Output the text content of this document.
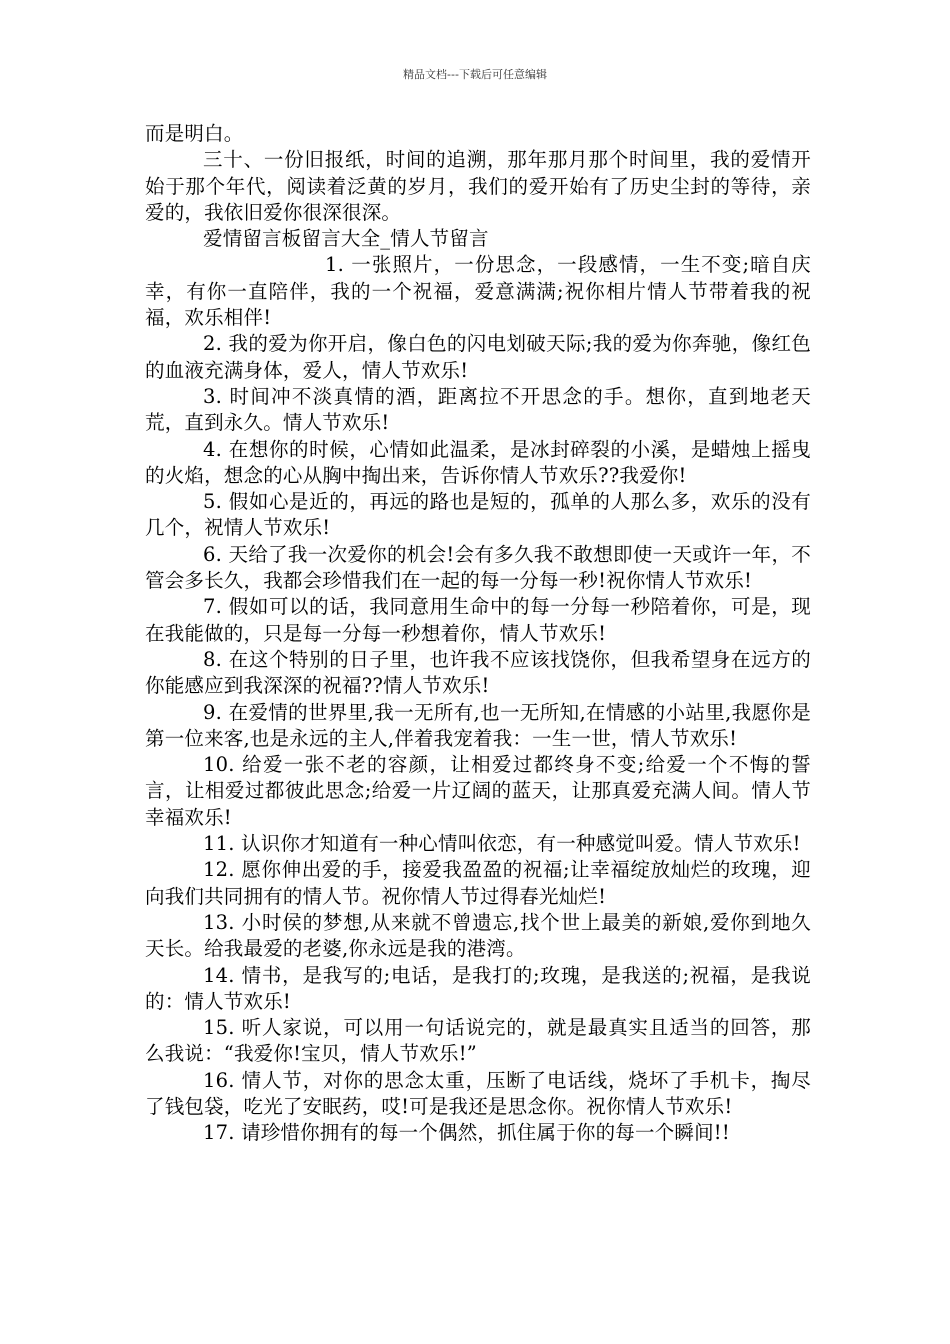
精品文档---下载后可任意编辑

而是明白。

三十、一份旧报纸，时间的追溯，那年那月那个时间里，我的爱情开始于那个年代，阅读着泛黄的岁月，我们的爱开始有了历史尘封的等待，亲爱的，我依旧爱你很深很深。

爱情留言板留言大全_情人节留言

1. 一张照片，一份思念，一段感情，一生不变;暗自庆幸，有你一直陪伴，我的一个祝福，爱意满满;祝你相片情人节带着我的祝福，欢乐相伴!

2. 我的爱为你开启，像白色的闪电划破天际;我的爱为你奔驰，像红色的血液充满身体，爱人，情人节欢乐!

3. 时间冲不淡真情的酒，距离拉不开思念的手。想你，直到地老天荒，直到永久。情人节欢乐!

4. 在想你的时候，心情如此温柔，是冰封碎裂的小溪，是蜡烛上摇曳的火焰，想念的心从胸中掏出来，告诉你情人节欢乐??我爱你!

5. 假如心是近的，再远的路也是短的，孤单的人那么多，欢乐的没有几个，祝情人节欢乐!

6. 天给了我一次爱你的机会!会有多久我不敢想即使一天或许一年，不管会多长久，我都会珍惜我们在一起的每一分每一秒!祝你情人节欢乐!

7. 假如可以的话，我同意用生命中的每一分每一秒陪着你，可是，现在我能做的，只是每一分每一秒想着你，情人节欢乐!

8. 在这个特别的日子里，也许我不应该找饶你，但我希望身在远方的你能感应到我深深的祝福??情人节欢乐!

9. 在爱情的世界里,我一无所有,也一无所知,在情感的小站里,我愿你是第一位来客,也是永远的主人,伴着我宠着我：一生一世，情人节欢乐!

10. 给爱一张不老的容颜，让相爱过都终身不变;给爱一个不悔的誓言，让相爱过都彼此思念;给爱一片辽阔的蓝天，让那真爱充满人间。情人节幸福欢乐!

11. 认识你才知道有一种心情叫依恋，有一种感觉叫爱。情人节欢乐!

12. 愿你伸出爱的手，接爱我盈盈的祝福;让幸福绽放灿烂的玫瑰，迎向我们共同拥有的情人节。祝你情人节过得春光灿烂!

13. 小时侯的梦想,从来就不曾遗忘,找个世上最美的新娘,爱你到地久天长。给我最爱的老婆,你永远是我的港湾。

14. 情书，是我写的;电话，是我打的;玫瑰，是我送的;祝福，是我说的：情人节欢乐!

15. 听人家说，可以用一句话说完的，就是最真实且适当的回答，那么我说：“我爱你!宝贝，情人节欢乐!”

16. 情人节，对你的思念太重，压断了电话线，烧坏了手机卡，掏尽了钱包袋，吃光了安眠药，哎!可是我还是思念你。祝你情人节欢乐!

17. 请珍惜你拥有的每一个偶然，抓住属于你的每一个瞬间!!
